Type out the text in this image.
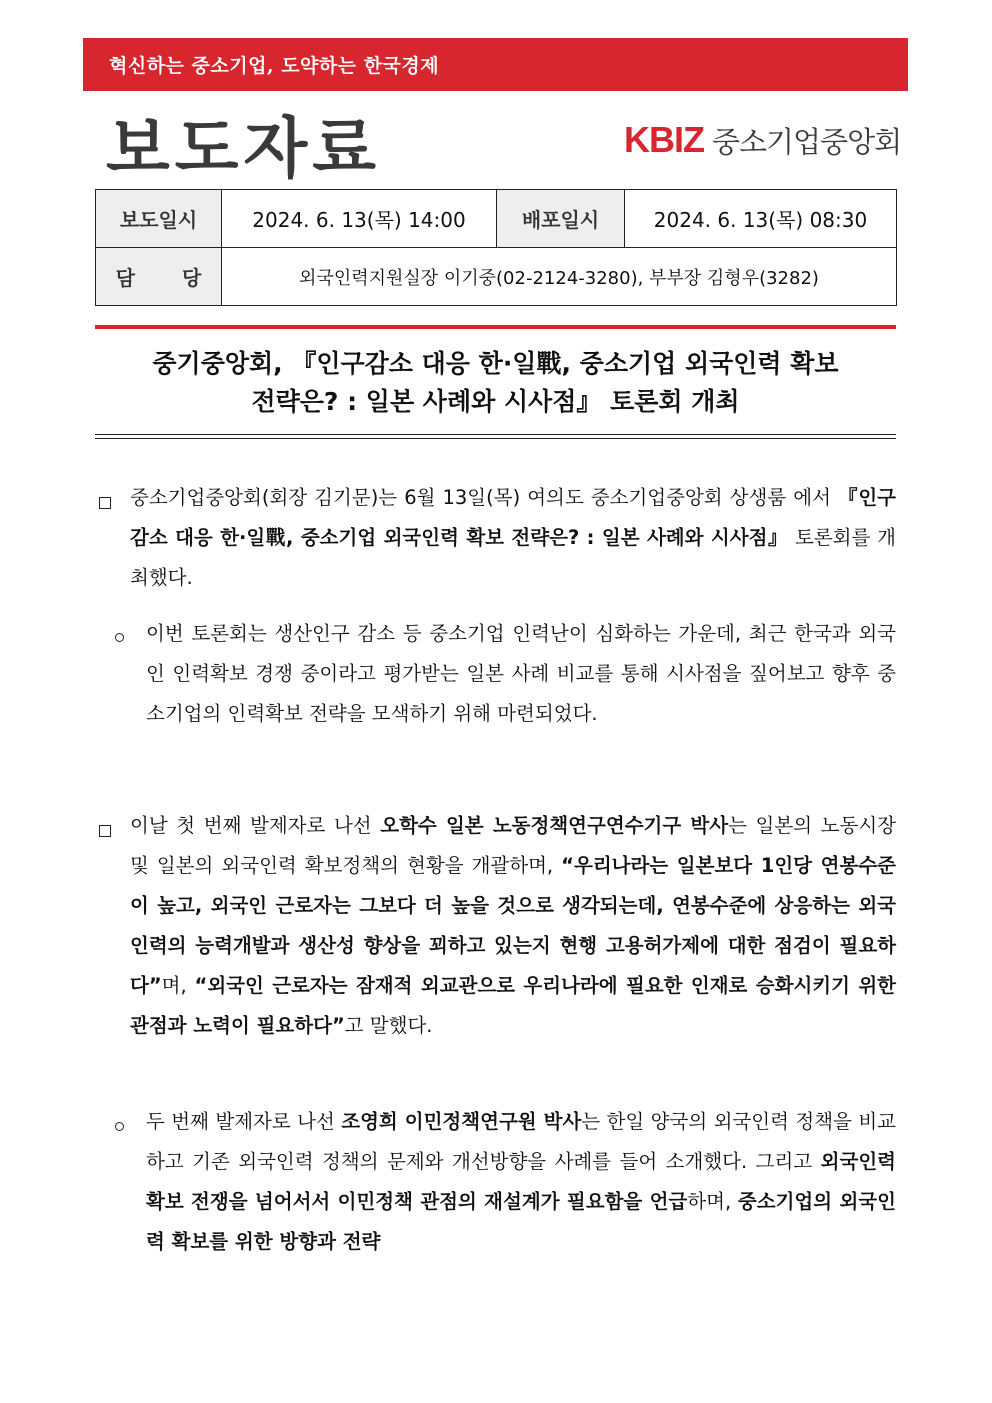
혁신하는 중소기업, 도약하는 한국경제
보도자료	KBIZ 중소기업중앙회
보도일시	2024. 6. 13(목) 14:00	배포일시	2024. 6. 13(목) 08:30
담 당	외국인력지원실장 이기중(02-2124-3280), 부부장 김형우(3282)		
중기중앙회, 『인구감소 대응 한·일戰, 중소기업 외국인력 확보
전략은? : 일본 사례와 시사점』 토론회 개최
중소기업중앙회(회장 김기문)는 6월 13일(목) 여의도 중소기업중앙회 상생룸 에서 『인구감소 대응 한·일戰, 중소기업 외국인력 확보 전략은? : 일본 사례와 시사점』 토론회를 개최했다.
이번 토론회는 생산인구 감소 등 중소기업 인력난이 심화하는 가운데, 최근 한국과 외국인 인력확보 경쟁 중이라고 평가받는 일본 사례 비교를 통해 시사점을 짚어보고 향후 중소기업의 인력확보 전략을 모색하기 위해 마련되었다.
이날 첫 번째 발제자로 나선 오학수 일본 노동정책연구연수기구 박사는 일본의 노동시장 및 일본의 외국인력 확보정책의 현황을 개괄하며, “우리나라는 일본보다 1인당 연봉수준이 높고, 외국인 근로자는 그보다 더 높을 것으로 생각되는데, 연봉수준에 상응하는 외국인력의 능력개발과 생산성 향상을 꾀하고 있는지 현행 고용허가제에 대한 점검이 필요하다”며, “외국인 근로자는 잠재적 외교관으로 우리나라에 필요한 인재로 승화시키기 위한 관점과 노력이 필요하다”고 말했다.
두 번째 발제자로 나선 조영희 이민정책연구원 박사는 한일 양국의 외국인력 정책을 비교하고 기존 외국인력 정책의 문제와 개선방향을 사례를 들어 소개했다. 그리고 외국인력 확보 전쟁을 넘어서서 이민정책 관점의 재설계가 필요함을 언급하며, 중소기업의 외국인력 확보를 위한 방향과 전략
